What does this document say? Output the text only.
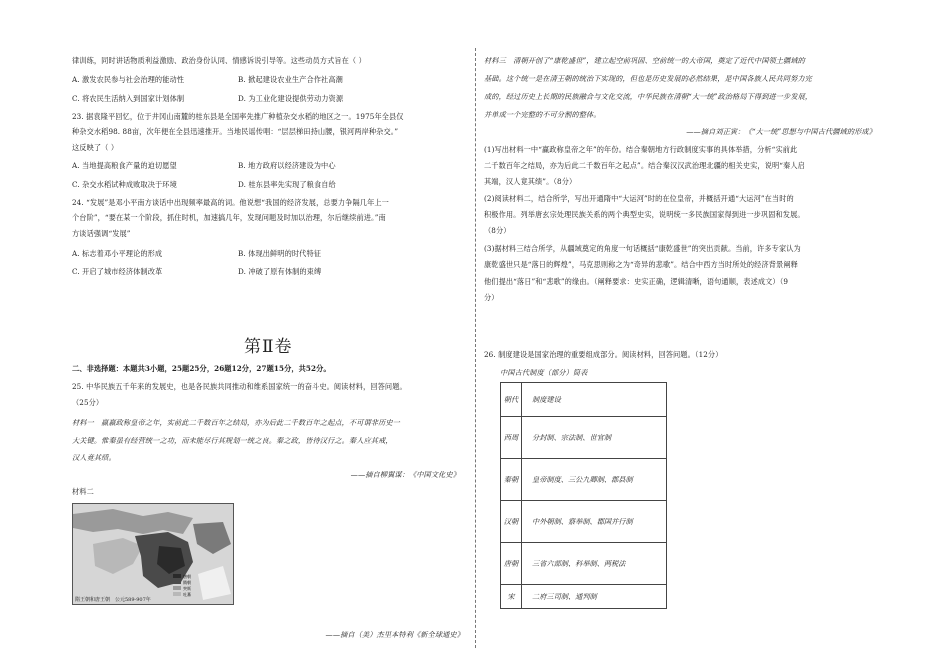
律训练，同时讲话物质利益激励、政治身份认同、情感诉说引导等。这些动员方式旨在（ ）
A. 激发农民参与社会治理的能动性	B. 掀起建设农业生产合作社高潮
C. 将农民生活纳入到国家计划体制	D. 为工业化建设提供劳动力资源
23. 据袁隆平回忆，位于井冈山南麓的桂东县是全国率先推广种植杂交水稻的地区之一。1975年全县仅
种杂交水稻98. 88亩，次年便在全县迅速推开。当地民谣传唱：“层层梯田持山腰，银河两岸种杂交。”
这反映了（ ）
A. 当地提高粮食产量的迫切愿望	B. 地方政府以经济建设为中心
C. 杂交水稻试种成败取决于环境	D. 桂东县率先实现了粮食自给
24. “发展”是邓小平南方谈话中出现频率最高的词。他说想“我国的经济发展，总要力争隔几年上一
个台阶”，“要在某一个阶段，抓住时机，加速搞几年，发现问题及时加以治理，尔后继续前进。”南
方谈话强调“发展”
A. 标志着邓小平理论的形成	B. 体现出鲜明的时代特征
C. 开启了城市经济体制改革	D. 冲破了原有体制的束缚
第Ⅱ卷
二、非选择题：本题共3小题，25题25分，26题12分，27题15分，共52分。
25. 中华民族五千年来的发展史，也是各民族共同推动和维系国家统一的奋斗史。阅读材料，回答问题。
（25分）
材料一　嬴嬴政称皇帝之年，实前此二千数百年之结局，亦为后此二千数百年之起点，不可谓非历史一
大关键。惟秦虽有经营统一之功，而未能尽行其规划一统之良。秦之政，皆待汉行之。秦人应其戒，
汉人竟其绩。
——摘自柳翼谋：《中国文化史》
材料二
唐朝
隋朝
突厥
吐蕃
隋王朝和唐王朝　公元589-907年
——摘自（美）杰里本特利《新全球通史》
材料三　清朝开创了“康乾盛世”，建立起空前巩固、空前统一的大帝国，奠定了近代中国领土疆域的
基础。这个统一是在清王朝的统治下实现的，但也是历史发展的必然结果，是中国各族人民共同努力完
成的，经过历史上长期的民族融合与文化交流，中华民族在清朝“大一统”政治格局下得到进一步发展，
并单成一个完整的不可分割的整体。
——摘自刘正寅：《“大一统”思想与中国古代疆域的形成》
(1)写出材料一中“赢政称皇帝之年”的年份。结合秦朝地方行政制度实事的具体举措，分析“实前此
二千数百年之结局，亦为后此二千数百年之起点”。结合秦汉汉武治理北疆的相关史实，说明“秦人启
其端，汉人竟其绩”。（8分）
(2)阅读材料二，结合所学，写出开通隋中“大运河”时的在位皇帝，并概括开通“大运河”在当时的
积极作用。列举唐玄宗处理民族关系的两个典型史实，说明统一多民族国家得到进一步巩固和发展。
（8分）
(3)据材料三结合所学，从疆域奠定的角度一句话概括“康乾盛世”的突出贡献。当前，许多专家认为
康乾盛世只是“落日的辉煌”，马克思则称之为“奇异的悲歌”。结合中西方当时所处的经济背景阐释
他们提出“落日”和“悲歌”的缘由。（阐释要求：史实正确，逻辑清晰，语句通顺，表述成文）（9
分）
26. 制度建设是国家治理的重要组成部分。阅读材料，回答问题。（12分）
中国古代制度（部分）简表
朝代	制度建设
西周	分封制、宗法制、世官制
秦朝	皇帝制度、三公九卿制、郡县制
汉朝	中外朝制、察举制、郡国并行制
唐朝	三省六部制、科举制、两税法
宋	二府三司制、通判制
